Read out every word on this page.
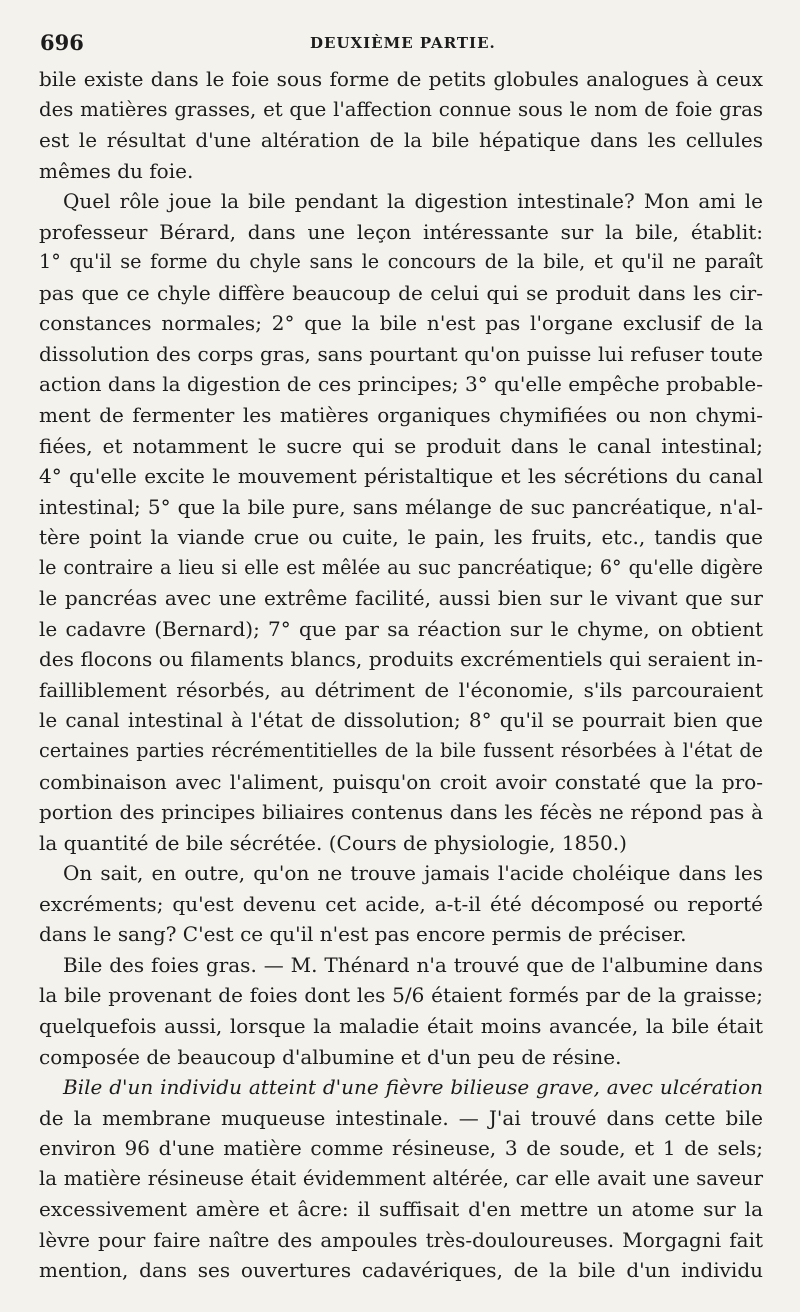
696	DEUXIÈME PARTIE.
bile existe dans le foie sous forme de petits globules analogues à ceux
des matières grasses, et que l'affection connue sous le nom de foie gras
est le résultat d'une altération de la bile hépatique dans les cellules
mêmes du foie.
Quel rôle joue la bile pendant la digestion intestinale? Mon ami le
professeur Bérard, dans une leçon intéressante sur la bile, établit:
1° qu'il se forme du chyle sans le concours de la bile, et qu'il ne paraît
pas que ce chyle diffère beaucoup de celui qui se produit dans les cir-
constances normales; 2° que la bile n'est pas l'organe exclusif de la
dissolution des corps gras, sans pourtant qu'on puisse lui refuser toute
action dans la digestion de ces principes; 3° qu'elle empêche probable-
ment de fermenter les matières organiques chymifiées ou non chymi-
fiées, et notamment le sucre qui se produit dans le canal intestinal;
4° qu'elle excite le mouvement péristaltique et les sécrétions du canal
intestinal; 5° que la bile pure, sans mélange de suc pancréatique, n'al-
tère point la viande crue ou cuite, le pain, les fruits, etc., tandis que
le contraire a lieu si elle est mêlée au suc pancréatique; 6° qu'elle digère
le pancréas avec une extrême facilité, aussi bien sur le vivant que sur
le cadavre (Bernard); 7° que par sa réaction sur le chyme, on obtient
des flocons ou filaments blancs, produits excrémentiels qui seraient in-
failliblement résorbés, au détriment de l'économie, s'ils parcouraient
le canal intestinal à l'état de dissolution; 8° qu'il se pourrait bien que
certaines parties récrémentitielles de la bile fussent résorbées à l'état de
combinaison avec l'aliment, puisqu'on croit avoir constaté que la pro-
portion des principes biliaires contenus dans les fécès ne répond pas à
la quantité de bile sécrétée. (Cours de physiologie, 1850.)
On sait, en outre, qu'on ne trouve jamais l'acide choléique dans les
excréments; qu'est devenu cet acide, a-t-il été décomposé ou reporté
dans le sang? C'est ce qu'il n'est pas encore permis de préciser.
Bile des foies gras. — M. Thénard n'a trouvé que de l'albumine dans
la bile provenant de foies dont les 5/6 étaient formés par de la graisse;
quelquefois aussi, lorsque la maladie était moins avancée, la bile était
composée de beaucoup d'albumine et d'un peu de résine.
Bile d'un individu atteint d'une fièvre bilieuse grave, avec ulcération
de la membrane muqueuse intestinale. — J'ai trouvé dans cette bile
environ 96 d'une matière comme résineuse, 3 de soude, et 1 de sels;
la matière résineuse était évidemment altérée, car elle avait une saveur
excessivement amère et âcre: il suffisait d'en mettre un atome sur la
lèvre pour faire naître des ampoules très-douloureuses. Morgagni fait
mention, dans ses ouvertures cadavériques, de la bile d'un individu
